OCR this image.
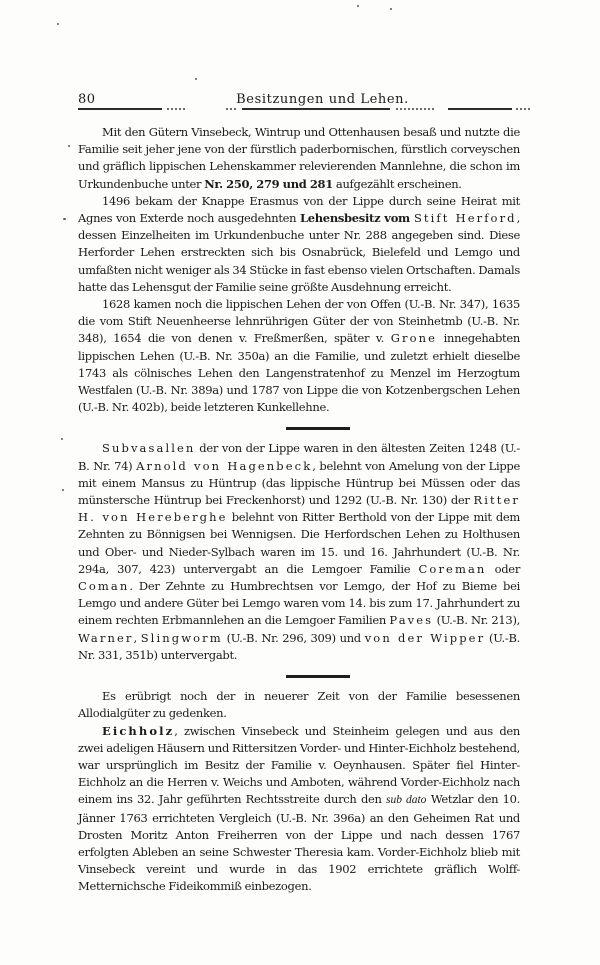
80	Besitzungen und Lehen.

Mit den Gütern Vinsebeck, Wintrup und Ottenhausen besaß und nutzte die Familie seit jeher jene von der fürstlich paderbornischen, fürstlich corveyschen und gräflich lippischen Lehenskammer relevierenden Mannlehne, die schon im Urkundenbuche unter Nr. 250, 279 und 281 aufgezählt erscheinen.

1496 bekam der Knappe Erasmus von der Lippe durch seine Heirat mit Agnes von Exterde noch ausgedehnten Lehensbesitz vom Stift Herford, dessen Einzelheiten im Urkundenbuche unter Nr. 288 angegeben sind. Diese Herforder Lehen erstreckten sich bis Osnabrück, Bielefeld und Lemgo und umfaßten nicht weniger als 34 Stücke in fast ebenso vielen Ortschaften. Damals hatte das Lehensgut der Familie seine größte Ausdehnung erreicht.

1628 kamen noch die lippischen Lehen der von Offen (U.-B. Nr. 347), 1635 die vom Stift Neuenheerse lehnrührigen Güter der von Steinhetmb (U.-B. Nr. 348), 1654 die von denen v. Freßmerßen, später v. Grone innegehabten lippischen Lehen (U.-B. Nr. 350a) an die Familie, und zuletzt erhielt dieselbe 1743 als cölnisches Lehen den Langenstratenhof zu Menzel im Herzogtum Westfalen (U.-B. Nr. 389a) und 1787 von Lippe die von Kotzenbergschen Lehen (U.-B. Nr. 402b), beide letzteren Kunkellehne.

Subvasallen der von der Lippe waren in den ältesten Zeiten 1248 (U.-B. Nr. 74) Arnold von Hagenbeck, belehnt von Amelung von der Lippe mit einem Mansus zu Hüntrup (das lippische Hüntrup bei Müssen oder das münstersche Hüntrup bei Freckenhorst) und 1292 (U.-B. Nr. 130) der Ritter H. von Hereberghe belehnt von Ritter Berthold von der Lippe mit dem Zehnten zu Bönnigsen bei Wennigsen. Die Herfordschen Lehen zu Holthusen und Ober- und Nieder-Sylbach waren im 15. und 16. Jahrhundert (U.-B. Nr. 294a, 307, 423) untervergabt an die Lemgoer Familie Coreman oder Coman. Der Zehnte zu Humbrechtsen vor Lemgo, der Hof zu Bieme bei Lemgo und andere Güter bei Lemgo waren vom 14. bis zum 17. Jahrhundert zu einem rechten Erbmannlehen an die Lemgoer Familien Paves (U.-B. Nr. 213), Warner, Slingworm (U.-B. Nr. 296, 309) und von der Wipper (U.-B. Nr. 331, 351b) untervergabt.

Es erübrigt noch der in neuerer Zeit von der Familie besessenen Allodialgüter zu gedenken.

Eichholz, zwischen Vinsebeck und Steinheim gelegen und aus den zwei adeligen Häusern und Rittersitzen Vorder- und Hinter-Eichholz bestehend, war ursprünglich im Besitz der Familie v. Oeynhausen. Später fiel Hinter-Eichholz an die Herren v. Weichs und Amboten, während Vorder-Eichholz nach einem ins 32. Jahr geführten Rechtsstreite durch den sub dato Wetzlar den 10. Jänner 1763 errichteten Vergleich (U.-B. Nr. 396a) an den Geheimen Rat und Drosten Moritz Anton Freiherren von der Lippe und nach dessen 1767 erfolgten Ableben an seine Schwester Theresia kam. Vorder-Eichholz blieb mit Vinsebeck vereint und wurde in das 1902 errichtete gräflich Wolff-Metternichsche Fideikommiß einbezogen.
